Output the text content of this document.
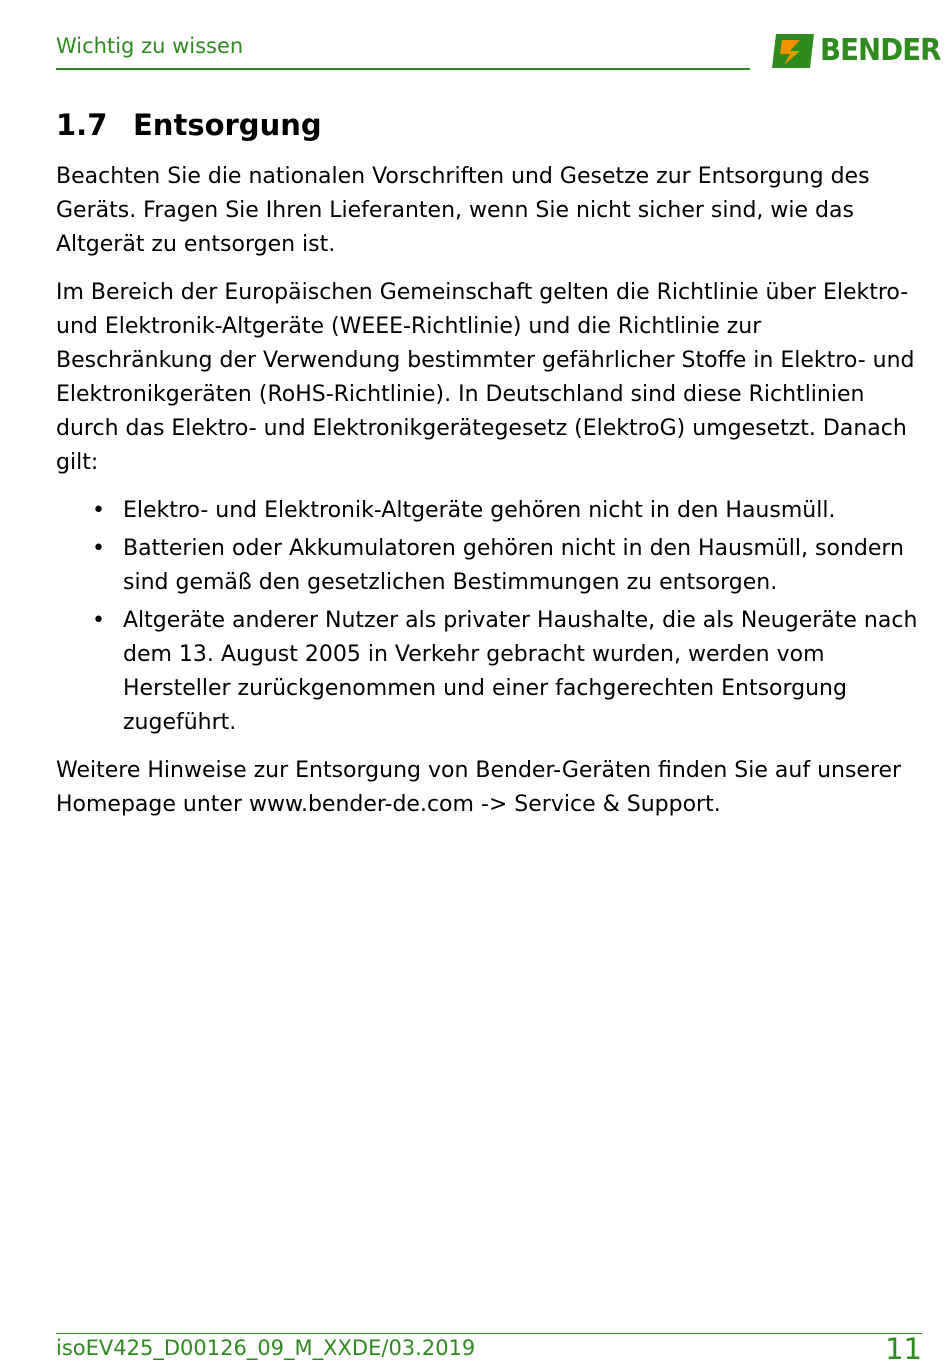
Wichtig zu wissen	BENDER
1.7 Entsorgung

Beachten Sie die nationalen Vorschriften und Gesetze zur Entsorgung des Geräts. Fragen Sie Ihren Lieferanten, wenn Sie nicht sicher sind, wie das Altgerät zu entsorgen ist.

Im Bereich der Europäischen Gemeinschaft gelten die Richtlinie über Elektro- und Elektronik-Altgeräte (WEEE-Richtlinie) und die Richtlinie zur Beschränkung der Verwendung bestimmter gefährlicher Stoffe in Elektro- und Elektronikgeräten (RoHS-Richtlinie). In Deutschland sind diese Richtlinien durch das Elektro- und Elektronikgerätegesetz (ElektroG) umgesetzt. Danach gilt:

• Elektro- und Elektronik-Altgeräte gehören nicht in den Hausmüll.
• Batterien oder Akkumulatoren gehören nicht in den Hausmüll, sondern sind gemäß den gesetzlichen Bestimmungen zu entsorgen.
• Altgeräte anderer Nutzer als privater Haushalte, die als Neugeräte nach dem 13. August 2005 in Verkehr gebracht wurden, werden vom Hersteller zurückgenommen und einer fachgerechten Entsorgung zugeführt.

Weitere Hinweise zur Entsorgung von Bender-Geräten finden Sie auf unserer Homepage unter www.bender-de.com -> Service & Support.

isoEV425_D00126_09_M_XXDE/03.2019	11
